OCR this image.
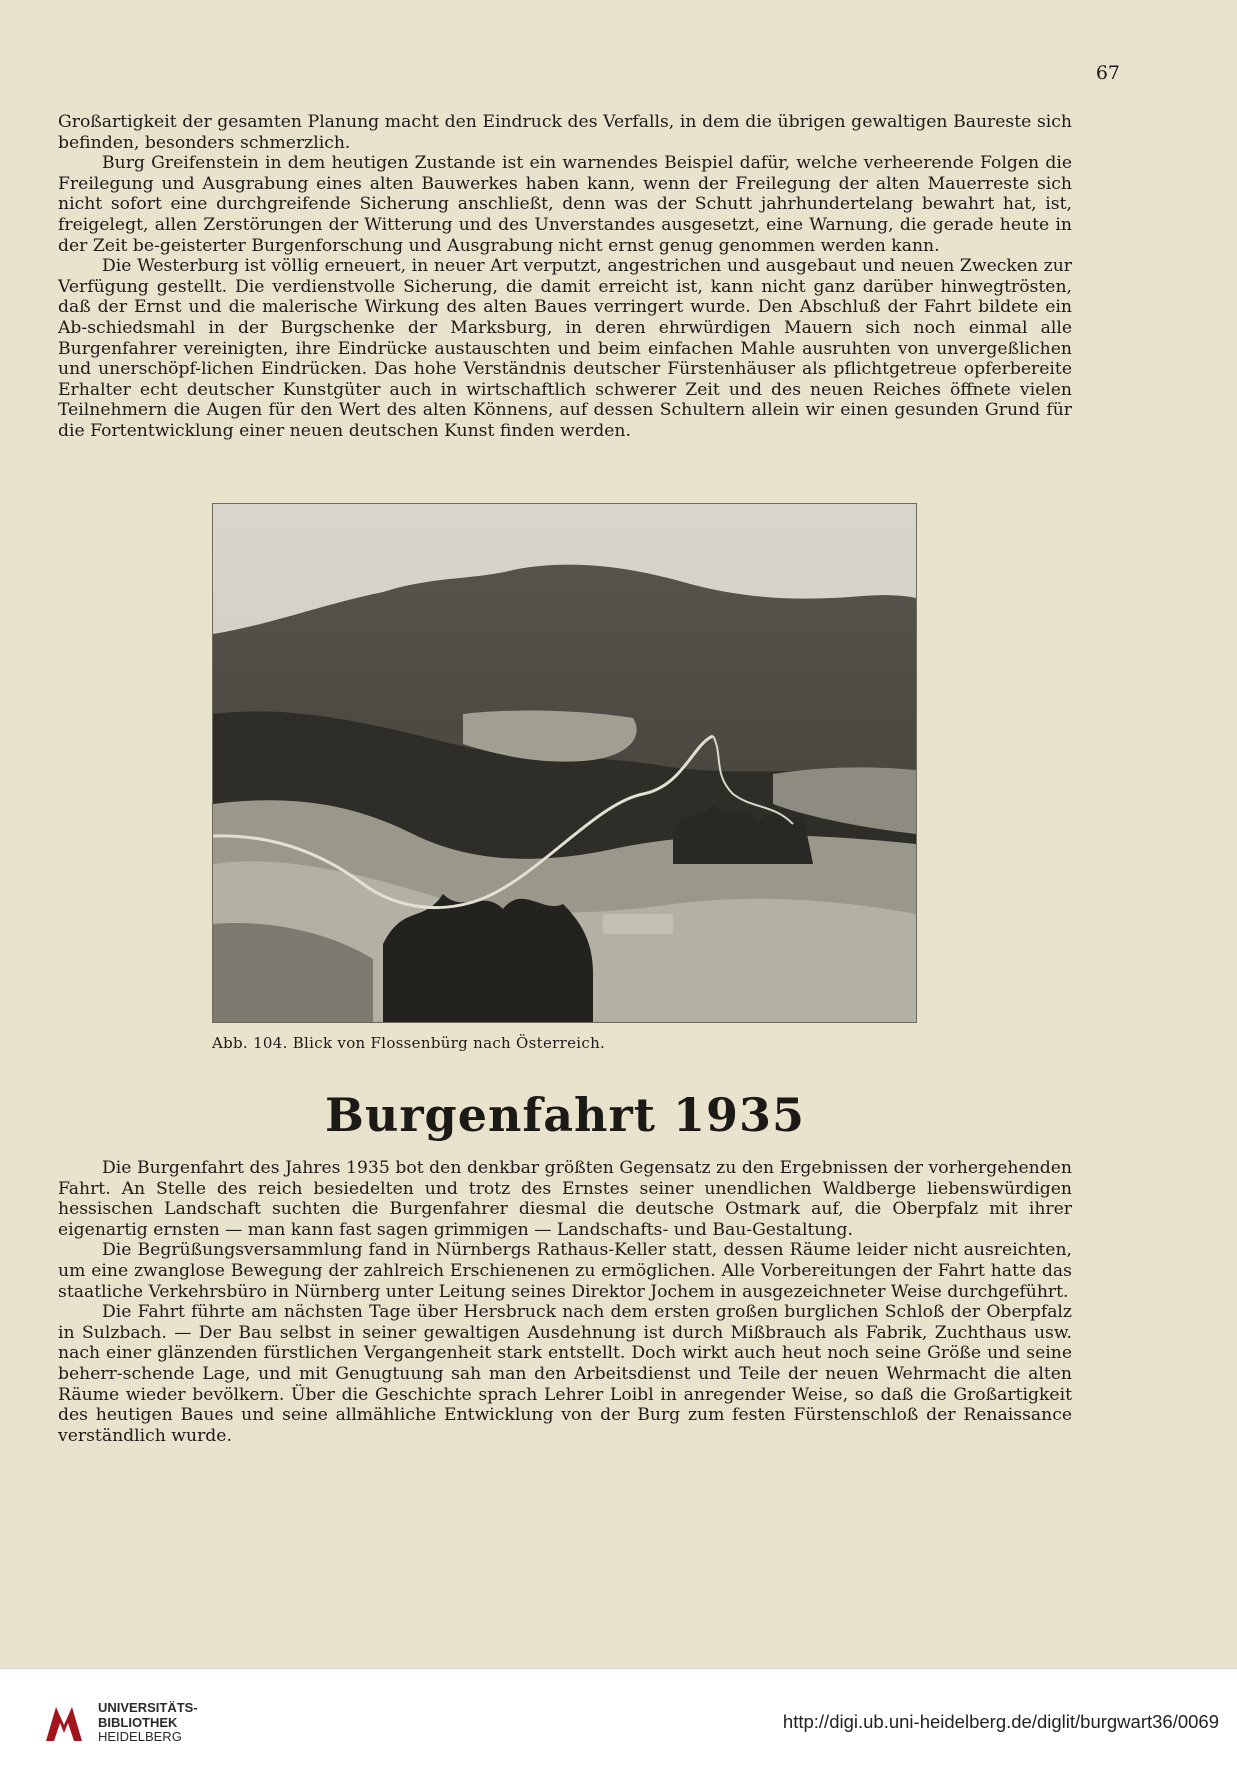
67

Großartigkeit der gesamten Planung macht den Eindruck des Verfalls, in dem die übrigen gewaltigen Baureste sich befinden, besonders schmerzlich.

Burg Greifenstein in dem heutigen Zustande ist ein warnendes Beispiel dafür, welche verheerende Folgen die Freilegung und Ausgrabung eines alten Bauwerkes haben kann, wenn der Freilegung der alten Mauerreste sich nicht sofort eine durchgreifende Sicherung anschließt, denn was der Schutt jahrhundertelang bewahrt hat, ist, freigelegt, allen Zerstörungen der Witterung und des Unverstandes ausgesetzt, eine Warnung, die gerade heute in der Zeit be-geisterter Burgenforschung und Ausgrabung nicht ernst genug genommen werden kann.

Die Westerburg ist völlig erneuert, in neuer Art verputzt, angestrichen und ausgebaut und neuen Zwecken zur Verfügung gestellt. Die verdienstvolle Sicherung, die damit erreicht ist, kann nicht ganz darüber hinwegtrösten, daß der Ernst und die malerische Wirkung des alten Baues verringert wurde. Den Abschluß der Fahrt bildete ein Ab-schiedsmahl in der Burgschenke der Marksburg, in deren ehrwürdigen Mauern sich noch einmal alle Burgenfahrer vereinigten, ihre Eindrücke austauschten und beim einfachen Mahle ausruhten von unvergeßlichen und unerschöpf-lichen Eindrücken. Das hohe Verständnis deutscher Fürstenhäuser als pflichtgetreue opferbereite Erhalter echt deutscher Kunstgüter auch in wirtschaftlich schwerer Zeit und des neuen Reiches öffnete vielen Teilnehmern die Augen für den Wert des alten Könnens, auf dessen Schultern allein wir einen gesunden Grund für die Fortentwicklung einer neuen deutschen Kunst finden werden.

Abb. 104. Blick von Flossenbürg nach Österreich.
Burgenfahrt 1935

Die Burgenfahrt des Jahres 1935 bot den denkbar größten Gegensatz zu den Ergebnissen der vorhergehenden Fahrt. An Stelle des reich besiedelten und trotz des Ernstes seiner unendlichen Waldberge liebenswürdigen hessischen Landschaft suchten die Burgenfahrer diesmal die deutsche Ostmark auf, die Oberpfalz mit ihrer eigenartig ernsten — man kann fast sagen grimmigen — Landschafts- und Bau-Gestaltung.

Die Begrüßungsversammlung fand in Nürnbergs Rathaus-Keller statt, dessen Räume leider nicht ausreichten, um eine zwanglose Bewegung der zahlreich Erschienenen zu ermöglichen. Alle Vorbereitungen der Fahrt hatte das staatliche Verkehrsbüro in Nürnberg unter Leitung seines Direktor Jochem in ausgezeichneter Weise durchgeführt.

Die Fahrt führte am nächsten Tage über Hersbruck nach dem ersten großen burglichen Schloß der Oberpfalz in Sulzbach. — Der Bau selbst in seiner gewaltigen Ausdehnung ist durch Mißbrauch als Fabrik, Zuchthaus usw. nach einer glänzenden fürstlichen Vergangenheit stark entstellt. Doch wirkt auch heut noch seine Größe und seine beherr-schende Lage, und mit Genugtuung sah man den Arbeitsdienst und Teile der neuen Wehrmacht die alten Räume wieder bevölkern. Über die Geschichte sprach Lehrer Loibl in anregender Weise, so daß die Großartigkeit des heutigen Baues und seine allmähliche Entwicklung von der Burg zum festen Fürstenschloß der Renaissance verständlich wurde.

UNIVERSITÄTS-
BIBLIOTHEK
HEIDELBERG
http://digi.ub.uni-heidelberg.de/diglit/burgwart36/0069
